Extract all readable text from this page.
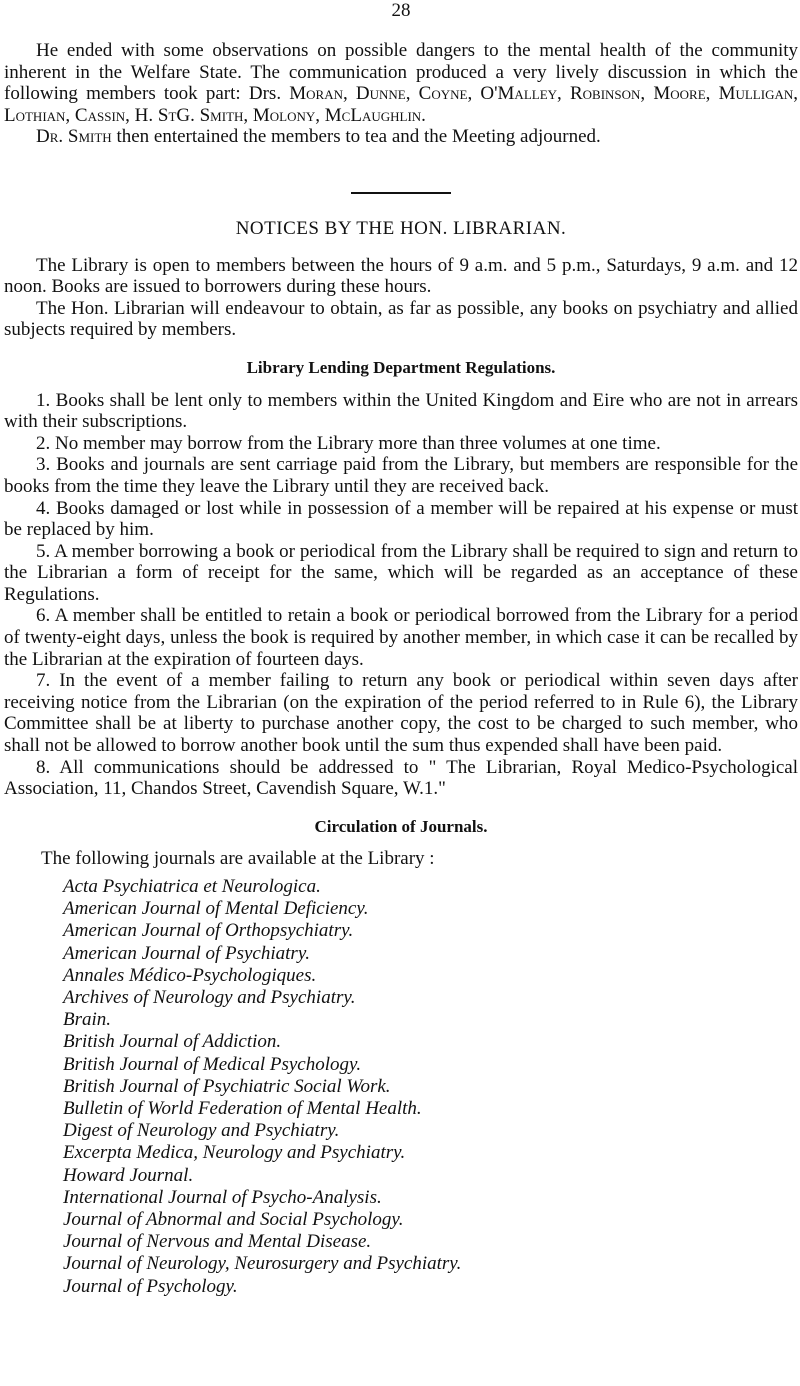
28

He ended with some observations on possible dangers to the mental health of the community inherent in the Welfare State. The communication produced a very lively discussion in which the following members took part: Drs. Moran, Dunne, Coyne, O'Malley, Robinson, Moore, Mulligan, Lothian, Cassin, H. StG. Smith, Molony, McLaughlin.

Dr. Smith then entertained the members to tea and the Meeting adjourned.

NOTICES BY THE HON. LIBRARIAN.

The Library is open to members between the hours of 9 a.m. and 5 p.m., Saturdays, 9 a.m. and 12 noon. Books are issued to borrowers during these hours.

The Hon. Librarian will endeavour to obtain, as far as possible, any books on psychiatry and allied subjects required by members.

Library Lending Department Regulations.

1. Books shall be lent only to members within the United Kingdom and Eire who are not in arrears with their subscriptions.

2. No member may borrow from the Library more than three volumes at one time.

3. Books and journals are sent carriage paid from the Library, but members are responsible for the books from the time they leave the Library until they are received back.

4. Books damaged or lost while in possession of a member will be repaired at his expense or must be replaced by him.

5. A member borrowing a book or periodical from the Library shall be required to sign and return to the Librarian a form of receipt for the same, which will be regarded as an acceptance of these Regulations.

6. A member shall be entitled to retain a book or periodical borrowed from the Library for a period of twenty-eight days, unless the book is required by another member, in which case it can be recalled by the Librarian at the expiration of fourteen days.

7. In the event of a member failing to return any book or periodical within seven days after receiving notice from the Librarian (on the expiration of the period referred to in Rule 6), the Library Committee shall be at liberty to purchase another copy, the cost to be charged to such member, who shall not be allowed to borrow another book until the sum thus expended shall have been paid.

8. All communications should be addressed to " The Librarian, Royal Medico-Psychological Association, 11, Chandos Street, Cavendish Square, W.1."

Circulation of Journals.

The following journals are available at the Library :

Acta Psychiatrica et Neurologica.
American Journal of Mental Deficiency.
American Journal of Orthopsychiatry.
American Journal of Psychiatry.
Annales Médico-Psychologiques.
Archives of Neurology and Psychiatry.
Brain.
British Journal of Addiction.
British Journal of Medical Psychology.
British Journal of Psychiatric Social Work.
Bulletin of World Federation of Mental Health.
Digest of Neurology and Psychiatry.
Excerpta Medica, Neurology and Psychiatry.
Howard Journal.
International Journal of Psycho-Analysis.
Journal of Abnormal and Social Psychology.
Journal of Nervous and Mental Disease.
Journal of Neurology, Neurosurgery and Psychiatry.
Journal of Psychology.
